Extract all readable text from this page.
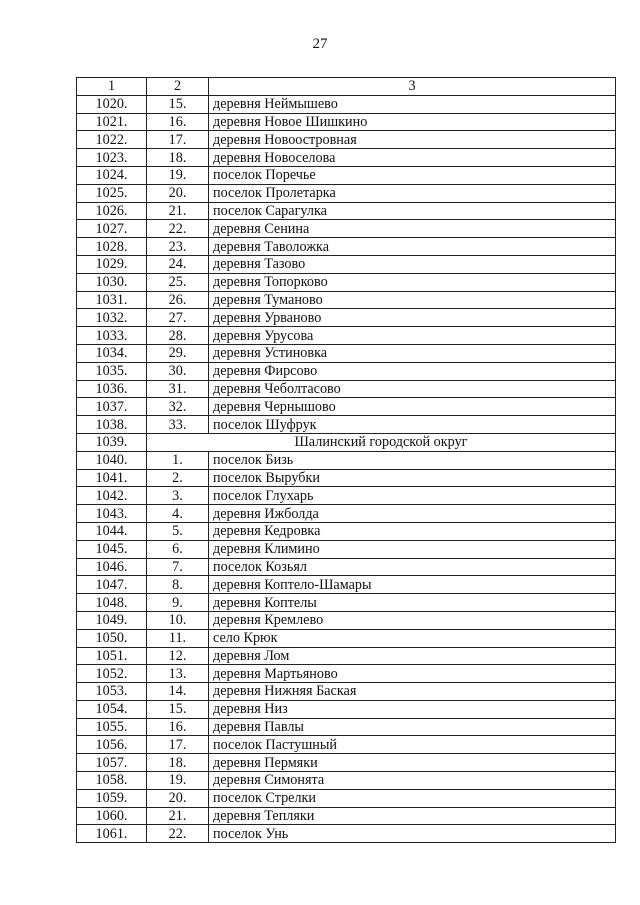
27
1	2	3
1020.	15.	деревня Неймышево
1021.	16.	деревня Новое Шишкино
1022.	17.	деревня Новоостровная
1023.	18.	деревня Новоселова
1024.	19.	поселок Поречье
1025.	20.	поселок Пролетарка
1026.	21.	поселок Сарагулка
1027.	22.	деревня Сенина
1028.	23.	деревня Таволожка
1029.	24.	деревня Тазово
1030.	25.	деревня Топорково
1031.	26.	деревня Туманово
1032.	27.	деревня Урваново
1033.	28.	деревня Урусова
1034.	29.	деревня Устиновка
1035.	30.	деревня Фирсово
1036.	31.	деревня Чеболтасово
1037.	32.	деревня Чернышово
1038.	33.	поселок Шуфрук
1039.	Шалинский городской округ	
1040.	1.	поселок Бизь
1041.	2.	поселок Вырубки
1042.	3.	поселок Глухарь
1043.	4.	деревня Ижболда
1044.	5.	деревня Кедровка
1045.	6.	деревня Климино
1046.	7.	поселок Козьял
1047.	8.	деревня Коптело-Шамары
1048.	9.	деревня Коптелы
1049.	10.	деревня Кремлево
1050.	11.	село Крюк
1051.	12.	деревня Лом
1052.	13.	деревня Мартьяново
1053.	14.	деревня Нижняя Баская
1054.	15.	деревня Низ
1055.	16.	деревня Павлы
1056.	17.	поселок Пастушный
1057.	18.	деревня Пермяки
1058.	19.	деревня Симонята
1059.	20.	поселок Стрелки
1060.	21.	деревня Тепляки
1061.	22.	поселок Унь
